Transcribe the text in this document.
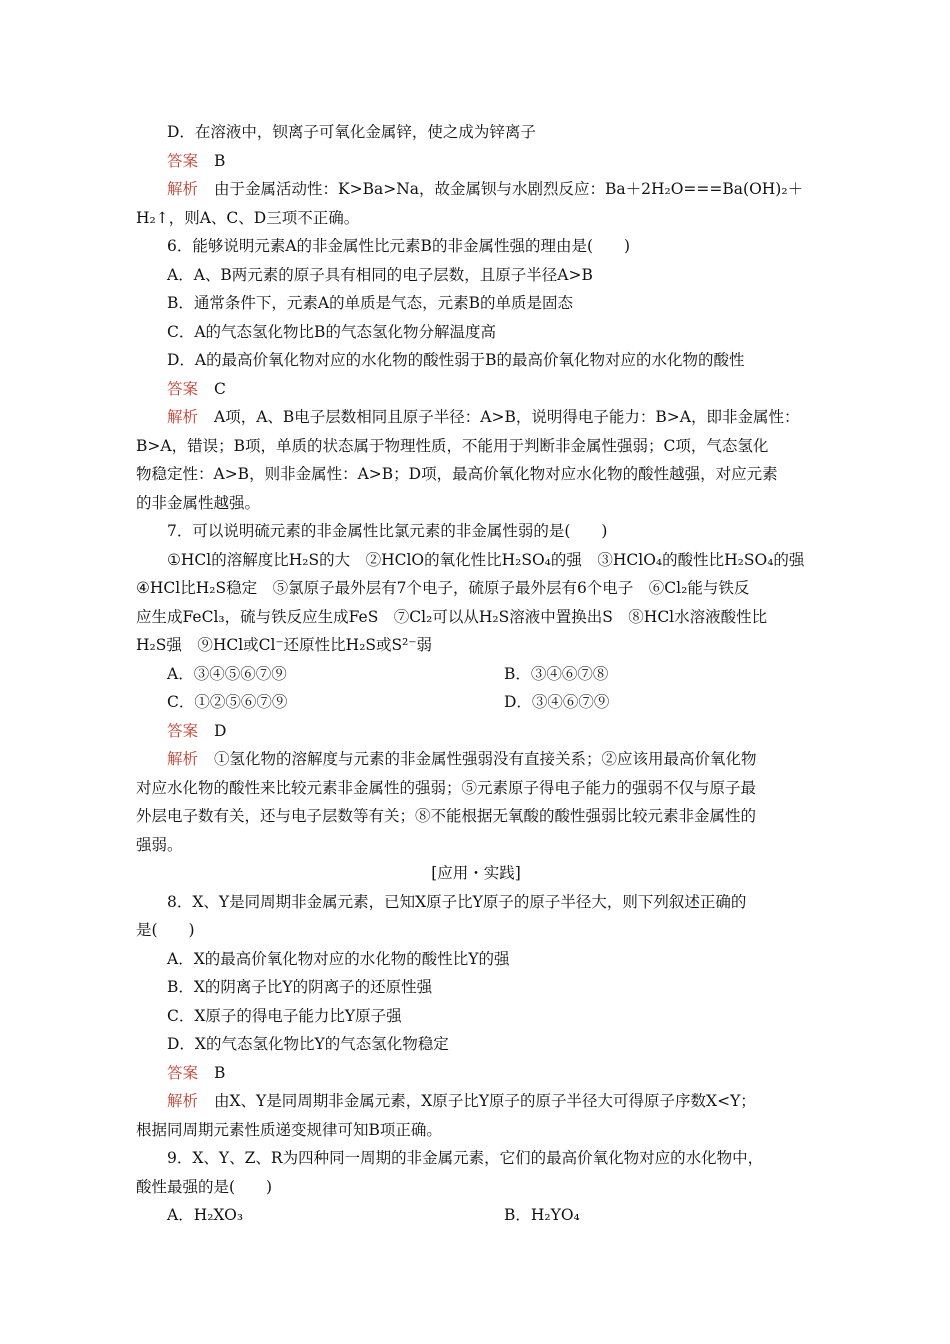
D．在溶液中，钡离子可氧化金属锌，使之成为锌离子
答案 B
解析 由于金属活动性：K>Ba>Na，故金属钡与水剧烈反应：Ba＋2H₂O===Ba(OH)₂＋
H₂↑，则A、C、D三项不正确。
6．能够说明元素A的非金属性比元素B的非金属性强的理由是(　　)
A．A、B两元素的原子具有相同的电子层数，且原子半径A>B
B．通常条件下，元素A的单质是气态，元素B的单质是固态
C．A的气态氢化物比B的气态氢化物分解温度高
D．A的最高价氧化物对应的水化物的酸性弱于B的最高价氧化物对应的水化物的酸性
答案 C
解析 A项，A、B电子层数相同且原子半径：A>B，说明得电子能力：B>A，即非金属性：
B>A，错误；B项，单质的状态属于物理性质，不能用于判断非金属性强弱；C项，气态氢化
物稳定性：A>B，则非金属性：A>B；D项，最高价氧化物对应水化物的酸性越强，对应元素
的非金属性越强。
7．可以说明硫元素的非金属性比氯元素的非金属性弱的是(　　)
①HCl的溶解度比H₂S的大　②HClO的氧化性比H₂SO₄的强　③HClO₄的酸性比H₂SO₄的强
④HCl比H₂S稳定　⑤氯原子最外层有7个电子，硫原子最外层有6个电子　⑥Cl₂能与铁反
应生成FeCl₃，硫与铁反应生成FeS　⑦Cl₂可以从H₂S溶液中置换出S　⑧HCl水溶液酸性比
H₂S强　⑨HCl或Cl⁻还原性比H₂S或S²⁻弱
A．③④⑤⑥⑦⑨	B．③④⑥⑦⑧
C．①②⑤⑥⑦⑨	D．③④⑥⑦⑨
答案 D
解析 ①氢化物的溶解度与元素的非金属性强弱没有直接关系；②应该用最高价氧化物
对应水化物的酸性来比较元素非金属性的强弱；⑤元素原子得电子能力的强弱不仅与原子最
外层电子数有关，还与电子层数等有关；⑧不能根据无氧酸的酸性强弱比较元素非金属性的
强弱。
[应用・实践]
8．X、Y是同周期非金属元素，已知X原子比Y原子的原子半径大，则下列叙述正确的
是(　　)
A．X的最高价氧化物对应的水化物的酸性比Y的强
B．X的阴离子比Y的阴离子的还原性强
C．X原子的得电子能力比Y原子强
D．X的气态氢化物比Y的气态氢化物稳定
答案 B
解析 由X、Y是同周期非金属元素，X原子比Y原子的原子半径大可得原子序数X<Y；
根据同周期元素性质递变规律可知B项正确。
9．X、Y、Z、R为四种同一周期的非金属元素，它们的最高价氧化物对应的水化物中，
酸性最强的是(　　)
A．H₂XO₃	B．H₂YO₄
